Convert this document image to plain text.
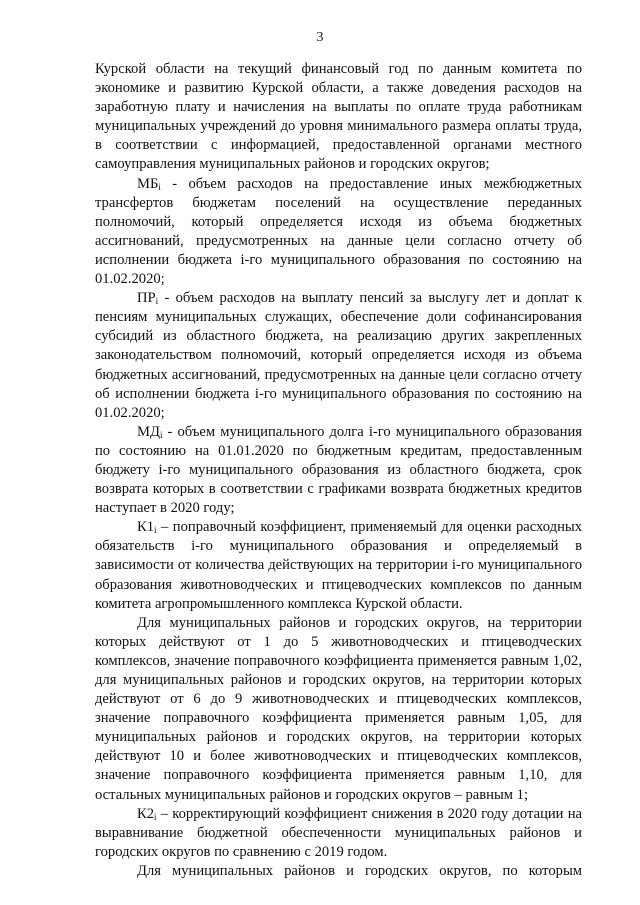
3

Курской области на текущий финансовый год по данным комитета по экономике и развитию Курской области, а также доведения расходов на заработную плату и начисления на выплаты по оплате труда работникам муниципальных учреждений до уровня минимального размера оплаты труда, в соответствии с информацией, предоставленной органами местного самоуправления муниципальных районов и городских округов;

$МБ_i$ - объем расходов на предоставление иных межбюджетных трансфертов бюджетам поселений на осуществление переданных полномочий, который определяется исходя из объема бюджетных ассигнований, предусмотренных на данные цели согласно отчету об исполнении бюджета i-го муниципального образования по состоянию на 01.02.2020;

$ПР_i$ - объем расходов на выплату пенсий за выслугу лет и доплат к пенсиям муниципальных служащих, обеспечение доли софинансирования субсидий из областного бюджета, на реализацию других закрепленных законодательством полномочий, который определяется исходя из объема бюджетных ассигнований, предусмотренных на данные цели согласно отчету об исполнении бюджета i-го муниципального образования по состоянию на 01.02.2020;

$МД_i$ - объем муниципального долга i-го муниципального образования по состоянию на 01.01.2020 по бюджетным кредитам, предоставленным бюджету i-го муниципального образования из областного бюджета, срок возврата которых в соответствии с графиками возврата бюджетных кредитов наступает в 2020 году;

$К1_i$ – поправочный коэффициент, применяемый для оценки расходных обязательств i-го муниципального образования и определяемый в зависимости от количества действующих на территории i-го муниципального образования животноводческих и птицеводческих комплексов по данным комитета агропромышленного комплекса Курской области.

Для муниципальных районов и городских округов, на территории которых действуют от 1 до 5 животноводческих и птицеводческих комплексов, значение поправочного коэффициента применяется равным 1,02, для муниципальных районов и городских округов, на территории которых действуют от 6 до 9 животноводческих и птицеводческих комплексов, значение поправочного коэффициента применяется равным 1,05, для муниципальных районов и городских округов, на территории которых действуют 10 и более животноводческих и птицеводческих комплексов, значение поправочного коэффициента применяется равным 1,10, для остальных муниципальных районов и городских округов – равным 1;

$К2_i$ – корректирующий коэффициент снижения в 2020 году дотации на выравнивание бюджетной обеспеченности муниципальных районов и городских округов по сравнению с 2019 годом.

Для муниципальных районов и городских округов, по которым
